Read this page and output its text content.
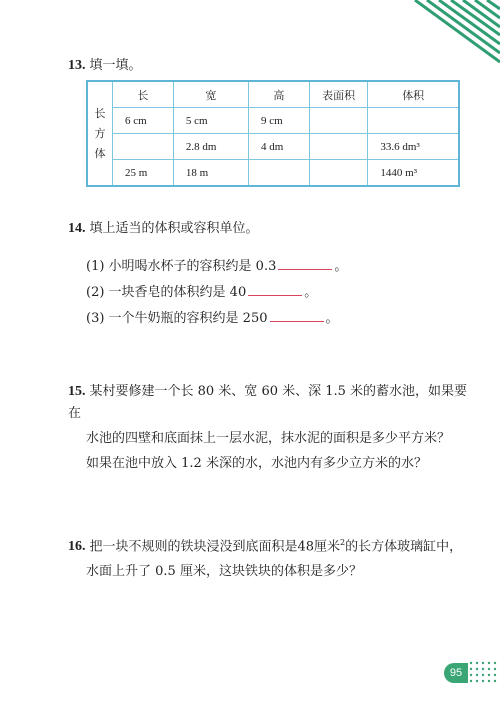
13. 填一填。
长
方
体	长	宽	高	表面积	体积
	6 cm	5 cm	9 cm		
		2.8 dm	4 dm		33.6 dm³
	25 m	18 m			1440 m³
14. 填上适当的体积或容积单位。
(1) 小明喝水杯子的容积约是 0.3	。
(2) 一块香皂的体积约是 40	。
(3) 一个牛奶瓶的容积约是 250	。
15. 某村要修建一个长 80 米、宽 60 米、深 1.5 米的蓄水池，如果要在
水池的四壁和底面抹上一层水泥，抹水泥的面积是多少平方米？
如果在池中放入 1.2 米深的水，水池内有多少立方米的水？
16. 把一块不规则的铁块浸没到底面积是48厘米$^2$的长方体玻璃缸中，
水面上升了 0.5 厘米，这块铁块的体积是多少？
95
